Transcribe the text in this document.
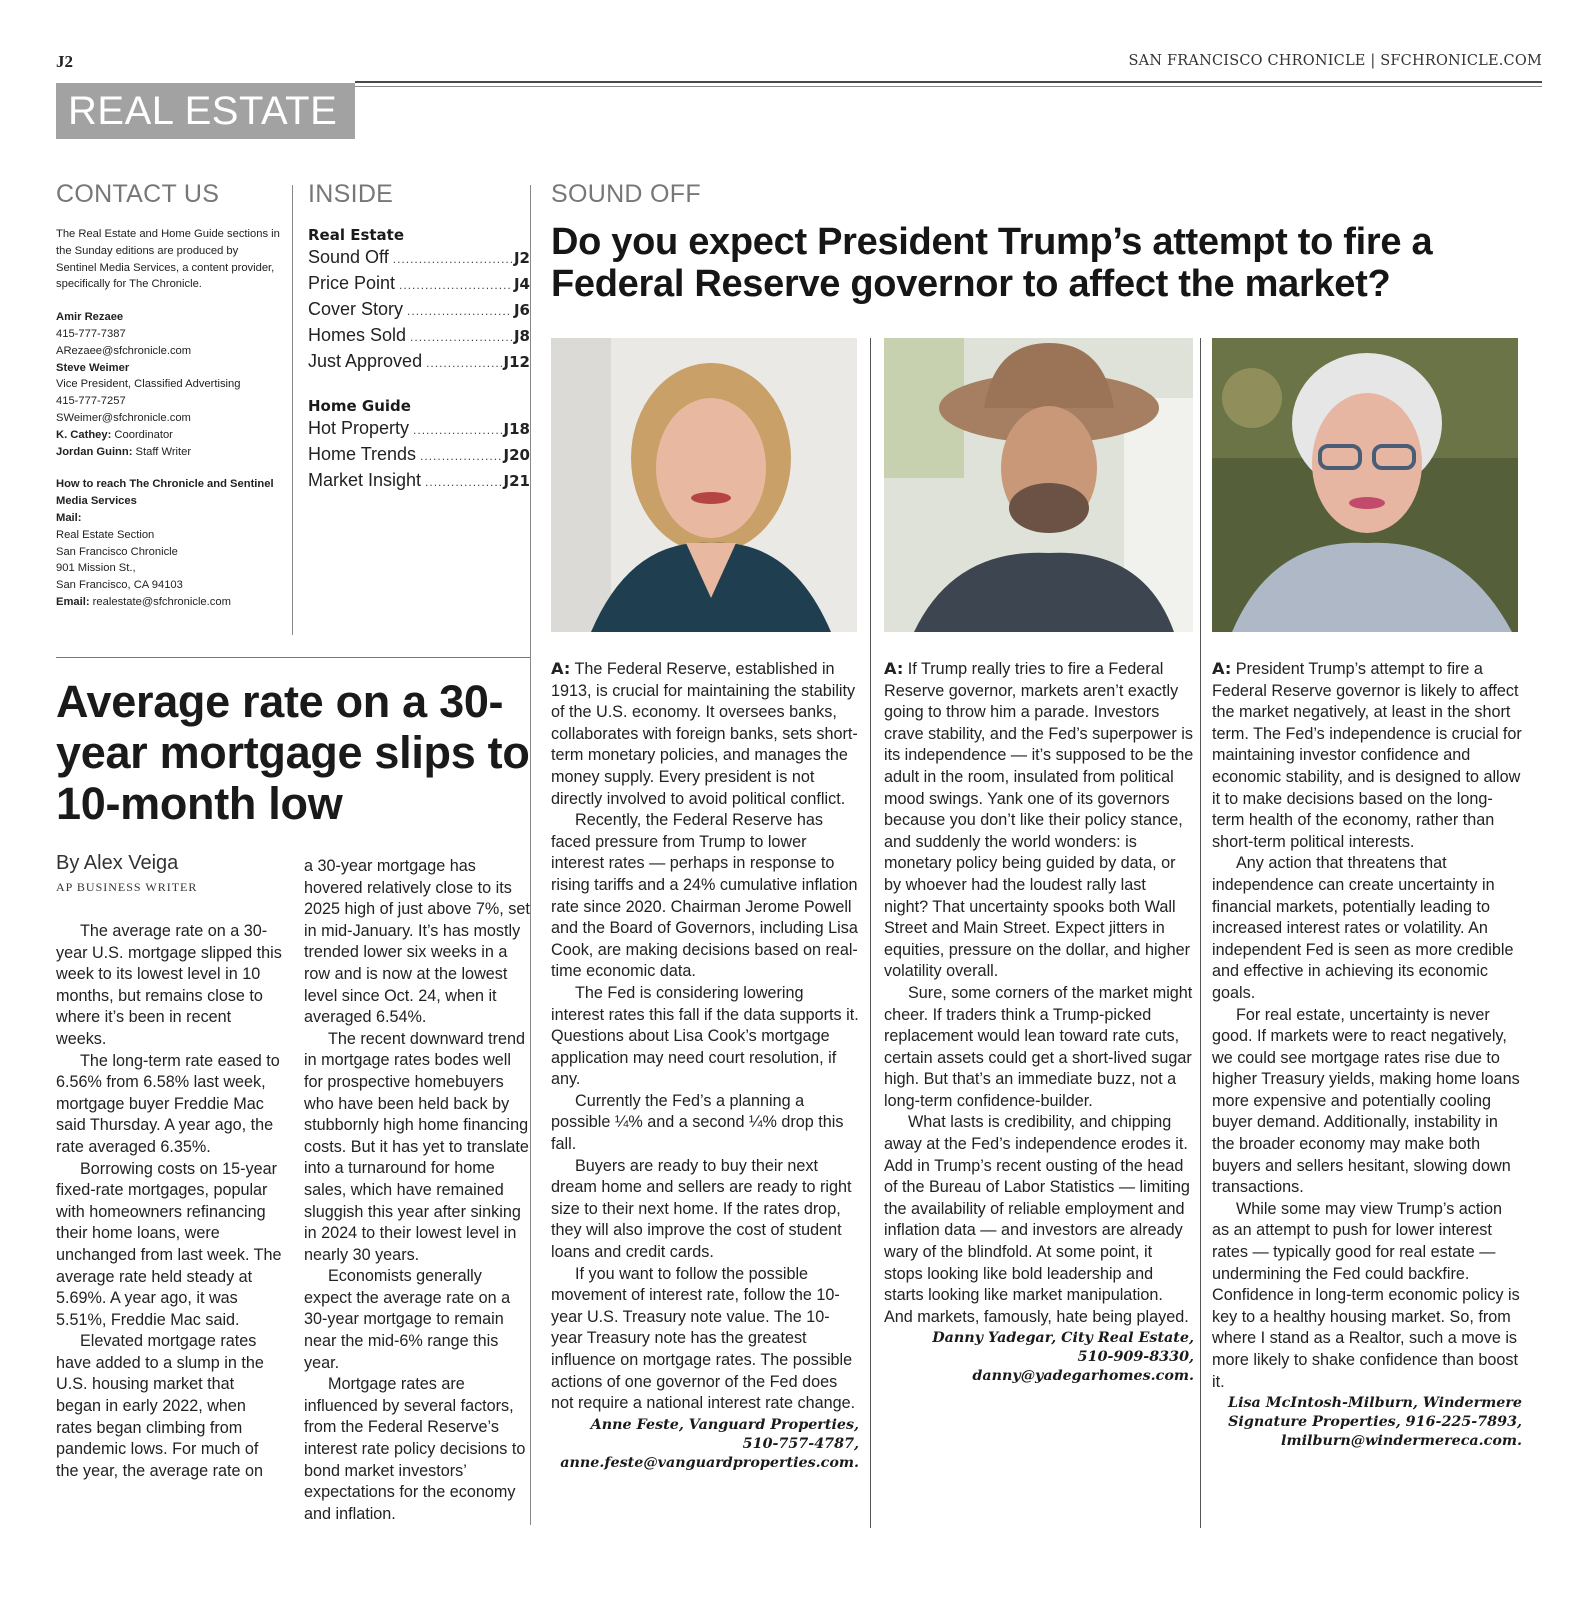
J2	SAN FRANCISCO CHRONICLE | SFCHRONICLE.COM
REAL ESTATE
CONTACT US

The Real Estate and Home Guide sections in the Sunday editions are produced by Sentinel Media Services, a content provider, specifically for The Chronicle.

Amir Rezaee

415-777-7387

ARezaee@sfchronicle.com

Steve Weimer

Vice President, Classified Advertising

415-777-7257

SWeimer@sfchronicle.com

K. Cathey: Coordinator

Jordan Guinn: Staff Writer

How to reach The Chronicle and Sentinel Media Services

Mail:

Real Estate Section

San Francisco Chronicle

901 Mission St.,

San Francisco, CA 94103

Email: realestate@sfchronicle.com

INSIDE
Real Estate
Sound Off .....	J2
Price Point .....	J4
Cover Story .....	J6
Homes Sold .....	J8
Just Approved .....	J12
Home Guide
Hot Property .....	J18
Home Trends .....	J20
Market Insight .....	J21
SOUND OFF
Do you expect President Trump’s attempt to fire a Federal Reserve governor to affect the market?

A: The Federal Reserve, established in 1913, is crucial for maintaining the stability of the U.S. economy. It oversees banks, collaborates with foreign banks, sets short-term monetary policies, and manages the money supply. Every president is not directly involved to avoid political conflict.

Recently, the Federal Reserve has faced pressure from Trump to lower interest rates — perhaps in response to rising tariffs and a 24% cumulative inflation rate since 2020. Chairman Jerome Powell and the Board of Governors, including Lisa Cook, are making decisions based on real-time economic data.

The Fed is considering lowering interest rates this fall if the data supports it. Questions about Lisa Cook’s mortgage application may need court resolution, if any.

Currently the Fed’s a planning a possible ¼% and a second ¼% drop this fall.

Buyers are ready to buy their next dream home and sellers are ready to right size to their next home. If the rates drop, they will also improve the cost of student loans and credit cards.

If you want to follow the possible movement of interest rate, follow the 10-year U.S. Treasury note value. The 10-year Treasury note has the greatest influence on mortgage rates. The possible actions of one governor of the Fed does not require a national interest rate change.

Anne Feste, Vanguard Properties,
510-757-4787,
anne.feste@vanguardproperties.com.

A: If Trump really tries to fire a Federal Reserve governor, markets aren’t exactly going to throw him a parade. Investors crave stability, and the Fed’s superpower is its independence — it’s supposed to be the adult in the room, insulated from political mood swings. Yank one of its governors because you don’t like their policy stance, and suddenly the world wonders: is monetary policy being guided by data, or by whoever had the loudest rally last night? That uncertainty spooks both Wall Street and Main Street. Expect jitters in equities, pressure on the dollar, and higher volatility overall.

Sure, some corners of the market might cheer. If traders think a Trump-picked replacement would lean toward rate cuts, certain assets could get a short-lived sugar high. But that’s an immediate buzz, not a long-term confidence-builder.

What lasts is credibility, and chipping away at the Fed’s independence erodes it. Add in Trump’s recent ousting of the head of the Bureau of Labor Statistics — limiting the availability of reliable employment and inflation data — and investors are already wary of the blindfold. At some point, it stops looking like bold leadership and starts looking like market manipulation. And markets, famously, hate being played.

Danny Yadegar, City Real Estate,
510-909-8330,
danny@yadegarhomes.com.

A: President Trump’s attempt to fire a Federal Reserve governor is likely to affect the market negatively, at least in the short term. The Fed’s independence is crucial for maintaining investor confidence and economic stability, and is designed to allow it to make decisions based on the long-term health of the economy, rather than short-term political interests.

Any action that threatens that independence can create uncertainty in financial markets, potentially leading to increased interest rates or volatility. An independent Fed is seen as more credible and effective in achieving its economic goals.

For real estate, uncertainty is never good. If markets were to react negatively, we could see mortgage rates rise due to higher Treasury yields, making home loans more expensive and potentially cooling buyer demand. Additionally, instability in the broader economy may make both buyers and sellers hesitant, slowing down transactions.

While some may view Trump’s action as an attempt to push for lower interest rates — typically good for real estate — undermining the Fed could backfire. Confidence in long-term economic policy is key to a healthy housing market. So, from where I stand as a Realtor, such a move is more likely to shake confidence than boost it.

Lisa McIntosh-Milburn, Windermere
Signature Properties, 916-225-7893,
lmilburn@windermereca.com.
Average rate on a 30-year mortgage slips to 10-month low
By Alex Veiga
AP BUSINESS WRITER

The average rate on a 30-year U.S. mortgage slipped this week to its lowest level in 10 months, but remains close to where it’s been in recent weeks.

The long-term rate eased to 6.56% from 6.58% last week, mortgage buyer Freddie Mac said Thursday. A year ago, the rate averaged 6.35%.

Borrowing costs on 15-year fixed-rate mortgages, popular with homeowners refinancing their home loans, were unchanged from last week. The average rate held steady at 5.69%. A year ago, it was 5.51%, Freddie Mac said.

Elevated mortgage rates have added to a slump in the U.S. housing market that began in early 2022, when rates began climbing from pandemic lows. For much of the year, the average rate on

a 30-year mortgage has hovered relatively close to its 2025 high of just above 7%, set in mid-January. It’s has mostly trended lower six weeks in a row and is now at the lowest level since Oct. 24, when it averaged 6.54%.

The recent downward trend in mortgage rates bodes well for prospective homebuyers who have been held back by stubbornly high home financing costs. But it has yet to translate into a turnaround for home sales, which have remained sluggish this year after sinking in 2024 to their lowest level in nearly 30 years.

Economists generally expect the average rate on a 30-year mortgage to remain near the mid-6% range this year.

Mortgage rates are influenced by several factors, from the Federal Reserve’s interest rate policy decisions to bond market investors’ expectations for the economy and inflation.
